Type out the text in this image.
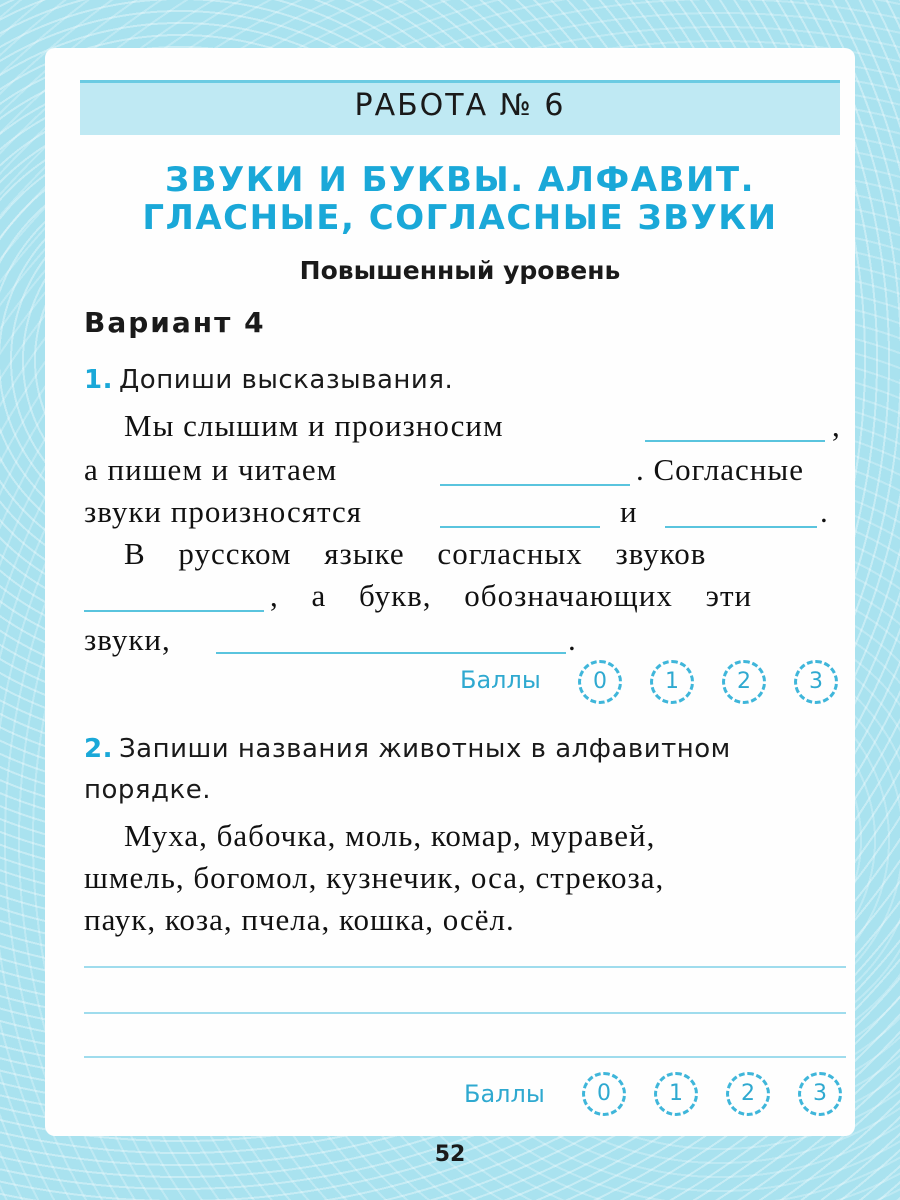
РАБОТА № 6
ЗВУКИ И БУКВЫ. АЛФАВИТ.
ГЛАСНЫЕ, СОГЛАСНЫЕ ЗВУКИ
Повышенный уровень
Вариант 4
1. Допиши высказывания.
Мы слышим и произносим	,
а пишем и читаем	. Согласные
звуки произносятся	и	.
В русском языке согласных звуков
, а букв, обозначающих эти
звуки,	.
Баллы	0	1	2	3
2. Запиши названия животных в алфавитном
порядке.
Муха, бабочка, моль, комар, муравей,
шмель, богомол, кузнечик, оса, стрекоза,
паук, коза, пчела, кошка, осёл.
Баллы	0	1	2	3
52
